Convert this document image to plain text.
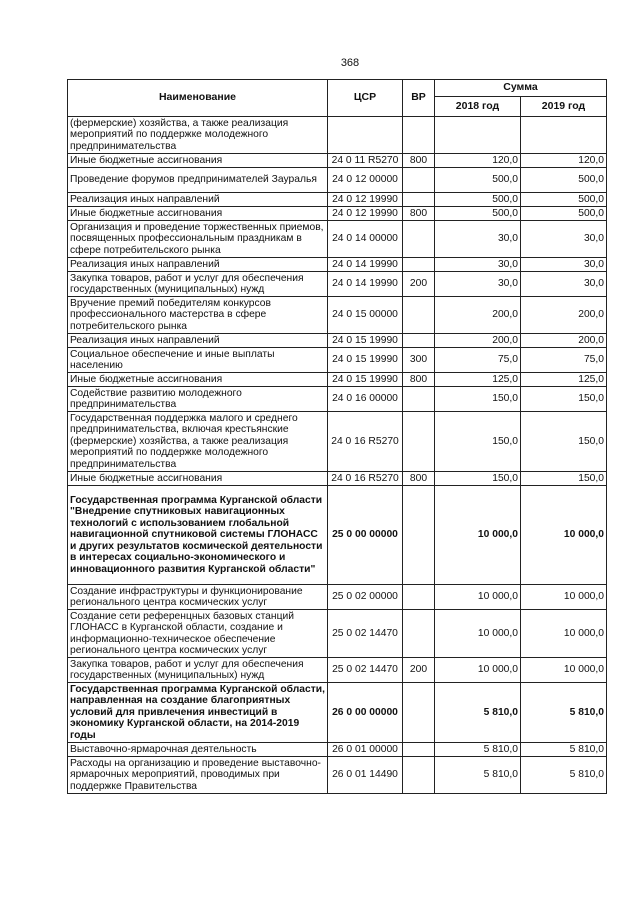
368
Наименование	ЦСР	ВР	Сумма	
			2018 год	2019 год
(фермерские) хозяйства, а также реализация мероприятий по поддержке молодежного предпринимательства				
Иные бюджетные ассигнования	24 0 11 R5270	800	120,0	120,0
Проведение форумов предпринимателей Зауралья	24 0 12 00000		500,0	500,0
Реализация иных направлений	24 0 12 19990		500,0	500,0
Иные бюджетные ассигнования	24 0 12 19990	800	500,0	500,0
Организация и проведение торжественных приемов, посвященных профессиональным праздникам в сфере потребительского рынка	24 0 14 00000		30,0	30,0
Реализация иных направлений	24 0 14 19990		30,0	30,0
Закупка товаров, работ и услуг для обеспечения государственных (муниципальных) нужд	24 0 14 19990	200	30,0	30,0
Вручение премий победителям конкурсов профессионального мастерства в сфере потребительского рынка	24 0 15 00000		200,0	200,0
Реализация иных направлений	24 0 15 19990		200,0	200,0
Социальное обеспечение и иные выплаты населению	24 0 15 19990	300	75,0	75,0
Иные бюджетные ассигнования	24 0 15 19990	800	125,0	125,0
Содействие развитию молодежного предпринимательства	24 0 16 00000		150,0	150,0
Государственная поддержка малого и среднего предпринимательства, включая крестьянские (фермерские) хозяйства, а также реализация мероприятий по поддержке молодежного предпринимательства	24 0 16 R5270		150,0	150,0
Иные бюджетные ассигнования	24 0 16 R5270	800	150,0	150,0
Государственная программа Курганской области "Внедрение спутниковых навигационных технологий с использованием глобальной навигационной спутниковой системы ГЛОНАСС и других результатов космической деятельности в интересах социально-экономического и инновационного развития Курганской области"	25 0 00 00000		10 000,0	10 000,0
Создание инфраструктуры и функционирование регионального центра космических услуг	25 0 02 00000		10 000,0	10 000,0
Создание сети референцных базовых станций ГЛОНАСС в Курганской области, создание и информационно-техническое обеспечение регионального центра космических услуг	25 0 02 14470		10 000,0	10 000,0
Закупка товаров, работ и услуг для обеспечения государственных (муниципальных) нужд	25 0 02 14470	200	10 000,0	10 000,0
Государственная программа Курганской области, направленная на создание благоприятных условий для привлечения инвестиций в экономику Курганской области, на 2014-2019 годы	26 0 00 00000		5 810,0	5 810,0
Выставочно-ярмарочная деятельность	26 0 01 00000		5 810,0	5 810,0
Расходы на организацию и проведение выставочно-ярмарочных мероприятий, проводимых при поддержке Правительства	26 0 01 14490		5 810,0	5 810,0
